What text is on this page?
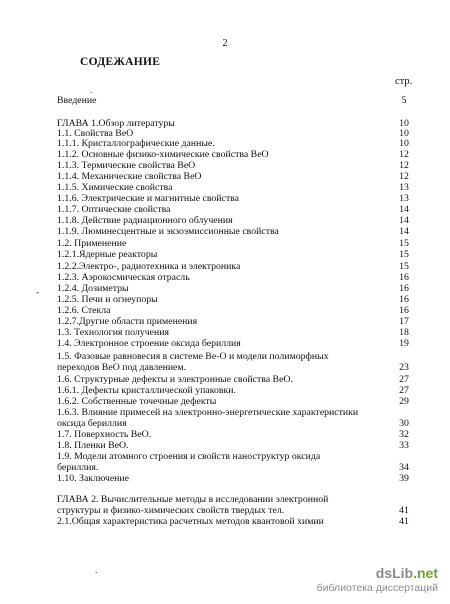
2
СОДЕЖАНИЕ
стр.
.
-
.
Введение	5
ГЛАВА 1.Обзор литературы	10
1.1. Свойства BeO	10
1.1.1. Кристаллографические данные.	10
1.1.2. Основные физико-химические свойства BeO	12
1.1.3. Термические свойства BeO	12
1.1.4. Механические свойства BeO	12
1.1.5. Химические свойства	13
1.1.6. Электрические и магнитные свойства	13
1.1.7. Оптические свойства	14
1.1.8. Действие радиационного облучения	14
1.1.9. Люминесцентные и экзоэмиссионные свойства	14
1.2. Применение	15
1.2.1.Ядерные реакторы	15
1.2.2.Электро-, радиотехника и электроника	15
1.2.3. Аэрокосмическая отрасль	16
1.2.4. Дозиметры	16
1.2.5. Печи и огнеупоры	16
1.2.6. Стекла	16
1.2.7.Другие области применения	17
1.3. Технология получения	18
1.4. Электронное строение оксида бериллия	19
1.5. Фазовые равновесия в системе Be-O и модели полиморфных
переходов BeO под давлением.	23
1.6. Структурные дефекты и электронные свойства BeO.	27
1.6.1. Дефекты кристаллической упаковки.	27
1.6.2. Собственные точечные дефекты	29
1.6.3. Влияние примесей на электронно-энергетические характеристики
оксида бериллия	30
1.7. Поверхность BeO.	32
1.8. Пленки BeO.	33
1.9. Модели атомного строения и свойств наноструктур оксида
бериллия.	34
1.10. Заключение	39
ГЛАВА 2. Вычислительные методы в исследовании электронной
структуры и физико-химических свойств твердых тел.	41
2.1.Общая характеристика расчетных методов квантовой химии	41
dsLib.net
библиотека диссертаций
